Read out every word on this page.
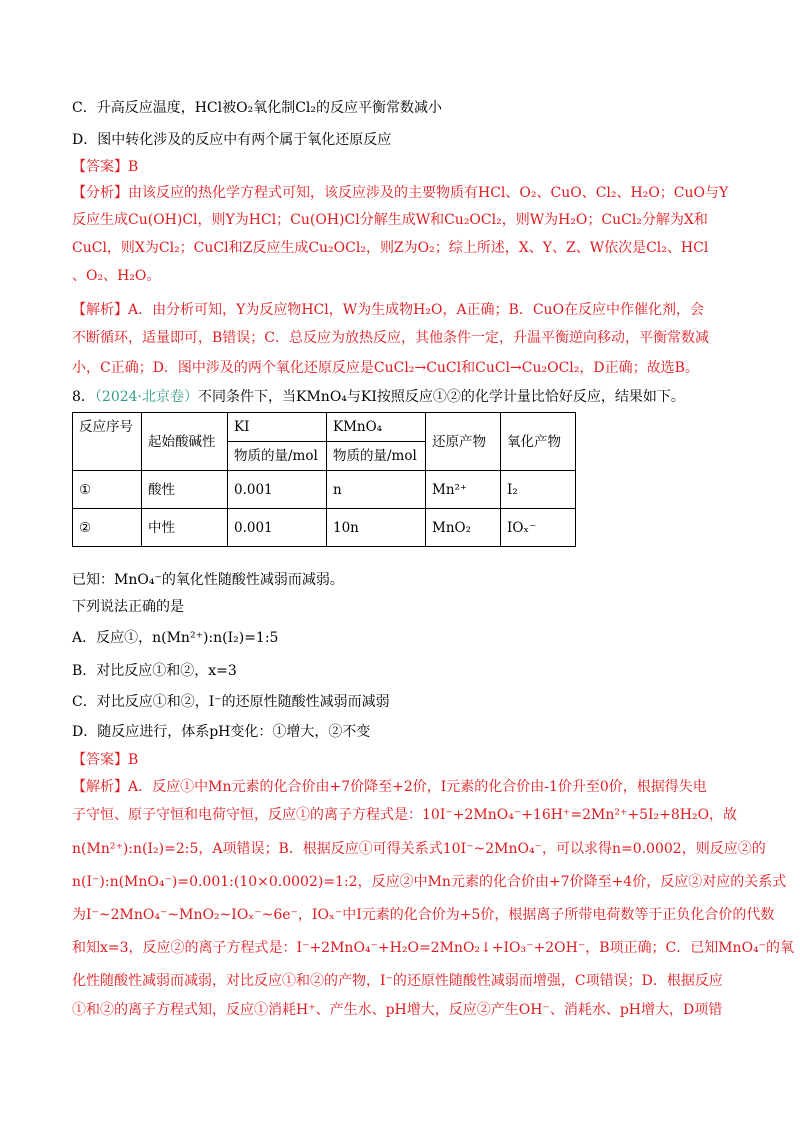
C．升高反应温度，HCl被O₂氧化制Cl₂的反应平衡常数减小
D．图中转化涉及的反应中有两个属于氧化还原反应
【答案】B
【分析】由该反应的热化学方程式可知，该反应涉及的主要物质有HCl、O₂、CuO、Cl₂、H₂O；CuO与Y
反应生成Cu(OH)Cl，则Y为HCl；Cu(OH)Cl分解生成W和Cu₂OCl₂，则W为H₂O；CuCl₂分解为X和
CuCl，则X为Cl₂；CuCl和Z反应生成Cu₂OCl₂，则Z为O₂；综上所述，X、Y、Z、W依次是Cl₂、HCl
、O₂、H₂O。
【解析】A．由分析可知，Y为反应物HCl，W为生成物H₂O，A正确；B．CuO在反应中作催化剂，会
不断循环，适量即可，B错误；C．总反应为放热反应，其他条件一定，升温平衡逆向移动，平衡常数减
小，C正确；D．图中涉及的两个氧化还原反应是CuCl₂→CuCl和CuCl→Cu₂OCl₂，D正确；故选B。
8．（2024·北京卷）不同条件下，当KMnO₄与KI按照反应①②的化学计量比恰好反应，结果如下。
反应序号	起始酸碱性	KI	KMnO₄	还原产物	氧化产物
		物质的量/mol	物质的量/mol		
①	酸性	0.001	n	Mn²⁺	I₂
②	中性	0.001	10n	MnO₂	IOₓ⁻
已知：MnO₄⁻的氧化性随酸性减弱而减弱。
下列说法正确的是
A．反应①，n(Mn²⁺):n(I₂)=1:5
B．对比反应①和②，x=3
C．对比反应①和②，I⁻的还原性随酸性减弱而减弱
D．随反应进行，体系pH变化：①增大，②不变
【答案】B
【解析】A．反应①中Mn元素的化合价由+7价降至+2价，I元素的化合价由-1价升至0价，根据得失电
子守恒、原子守恒和电荷守恒，反应①的离子方程式是：10I⁻+2MnO₄⁻+16H⁺=2Mn²⁺+5I₂+8H₂O，故
n(Mn²⁺):n(I₂)=2:5，A项错误；B．根据反应①可得关系式10I⁻~2MnO₄⁻，可以求得n=0.0002，则反应②的
n(I⁻):n(MnO₄⁻)=0.001:(10×0.0002)=1:2，反应②中Mn元素的化合价由+7价降至+4价，反应②对应的关系式
为I⁻~2MnO₄⁻~MnO₂~IOₓ⁻~6e⁻，IOₓ⁻中I元素的化合价为+5价，根据离子所带电荷数等于正负化合价的代数
和知x=3，反应②的离子方程式是：I⁻+2MnO₄⁻+H₂O=2MnO₂↓+IO₃⁻+2OH⁻，B项正确；C．已知MnO₄⁻的氧
化性随酸性减弱而减弱，对比反应①和②的产物，I⁻的还原性随酸性减弱而增强，C项错误；D．根据反应
①和②的离子方程式知，反应①消耗H⁺、产生水、pH增大，反应②产生OH⁻、消耗水、pH增大，D项错
